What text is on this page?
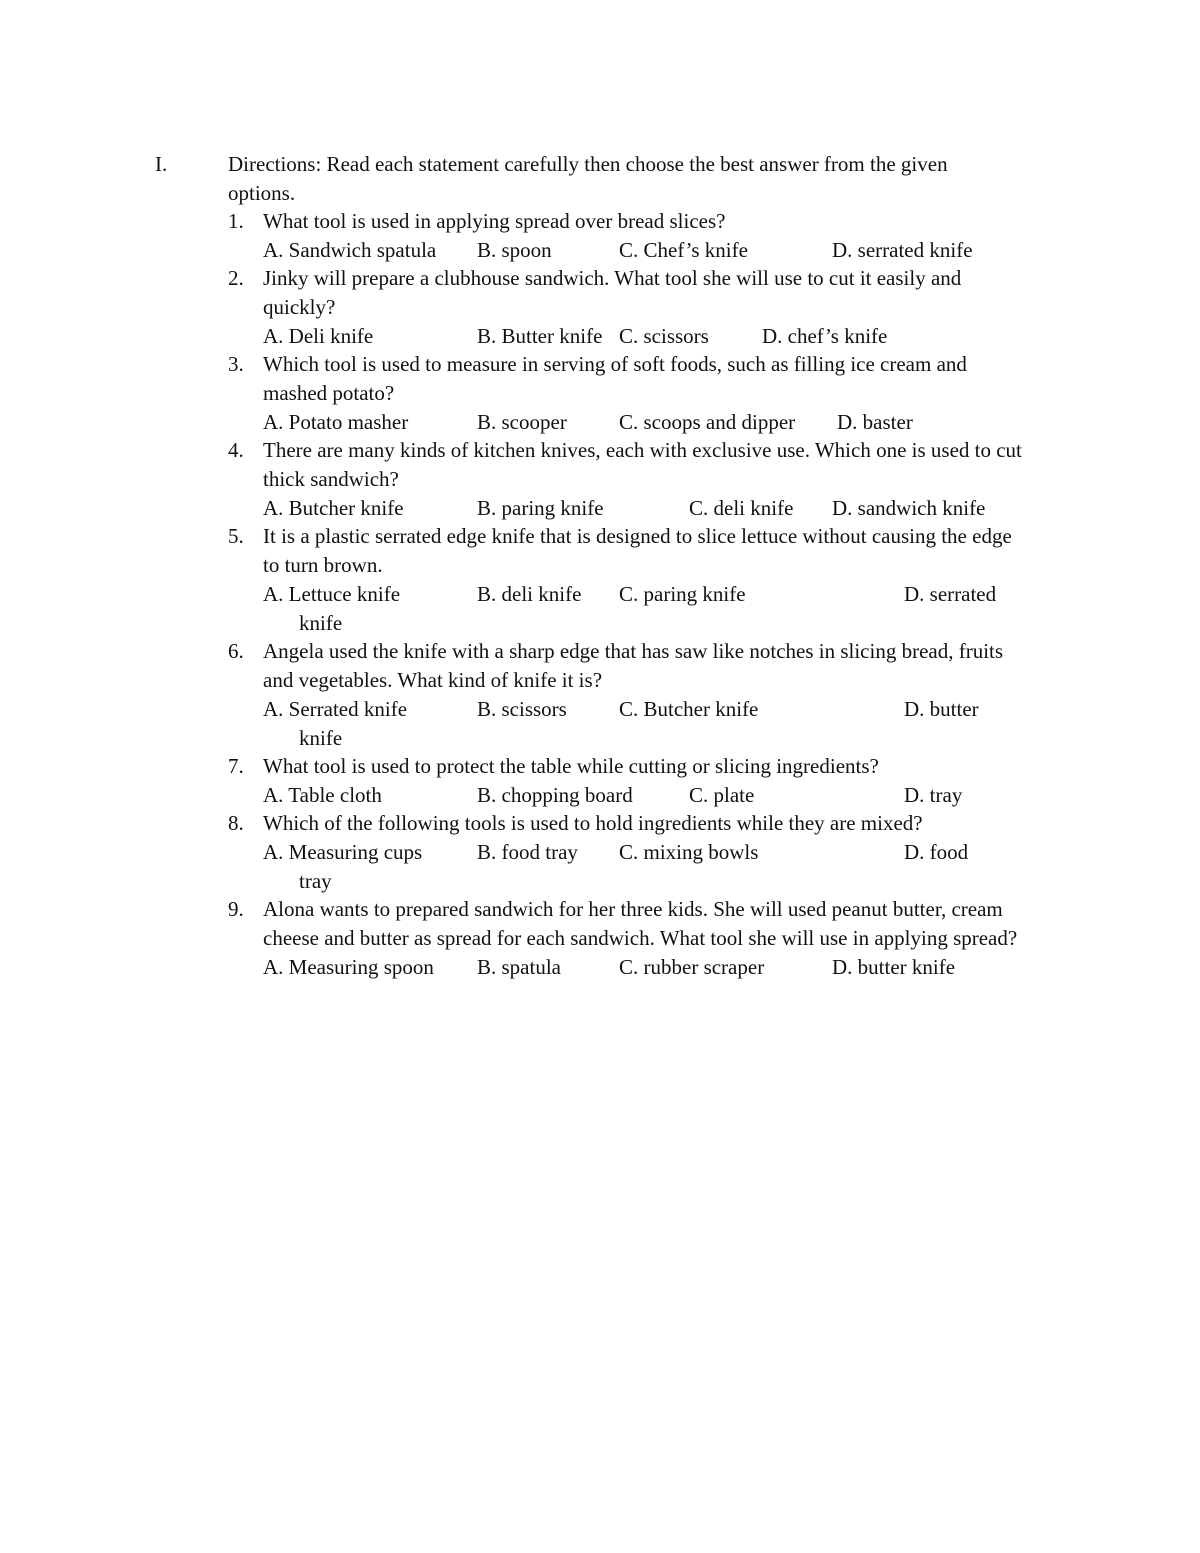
I.	Directions: Read each statement carefully then choose the best answer from the given options.
1. What tool is used in applying spread over bread slices?
A. Sandwich spatula B. spoon	C. Chef’s knife	D. serrated knife
2. Jinky will prepare a clubhouse sandwich. What tool she will use to cut it easily and quickly?
A. Deli knife	B. Butter knife C. scissors	D. chef’s knife
3. Which tool is used to measure in serving of soft foods, such as filling ice cream and mashed potato?
A. Potato masher	B. scooper C. scoops and dipper D. baster
4. There are many kinds of kitchen knives, each with exclusive use. Which one is used to cut thick sandwich?
A. Butcher knife	B. paring knife	C. deli knife D. sandwich knife
5. It is a plastic serrated edge knife that is designed to slice lettuce without causing the edge to turn brown.
A. Lettuce knife	B. deli knife C. paring knife	D. serrated
knife
6. Angela used the knife with a sharp edge that has saw like notches in slicing bread, fruits and vegetables. What kind of knife it is?
A. Serrated knife	B. scissors C. Butcher knife	D. butter
knife
7. What tool is used to protect the table while cutting or slicing ingredients?
A. Table cloth	B. chopping board	C. plate	D. tray
8. Which of the following tools is used to hold ingredients while they are mixed?
A. Measuring cups	B. food tray C. mixing bowls	D. food
tray
9. Alona wants to prepared sandwich for her three kids. She will used peanut butter, cream cheese and butter as spread for each sandwich. What tool she will use in applying spread?
A. Measuring spoon B. spatula	C. rubber scraper	D. butter knife
